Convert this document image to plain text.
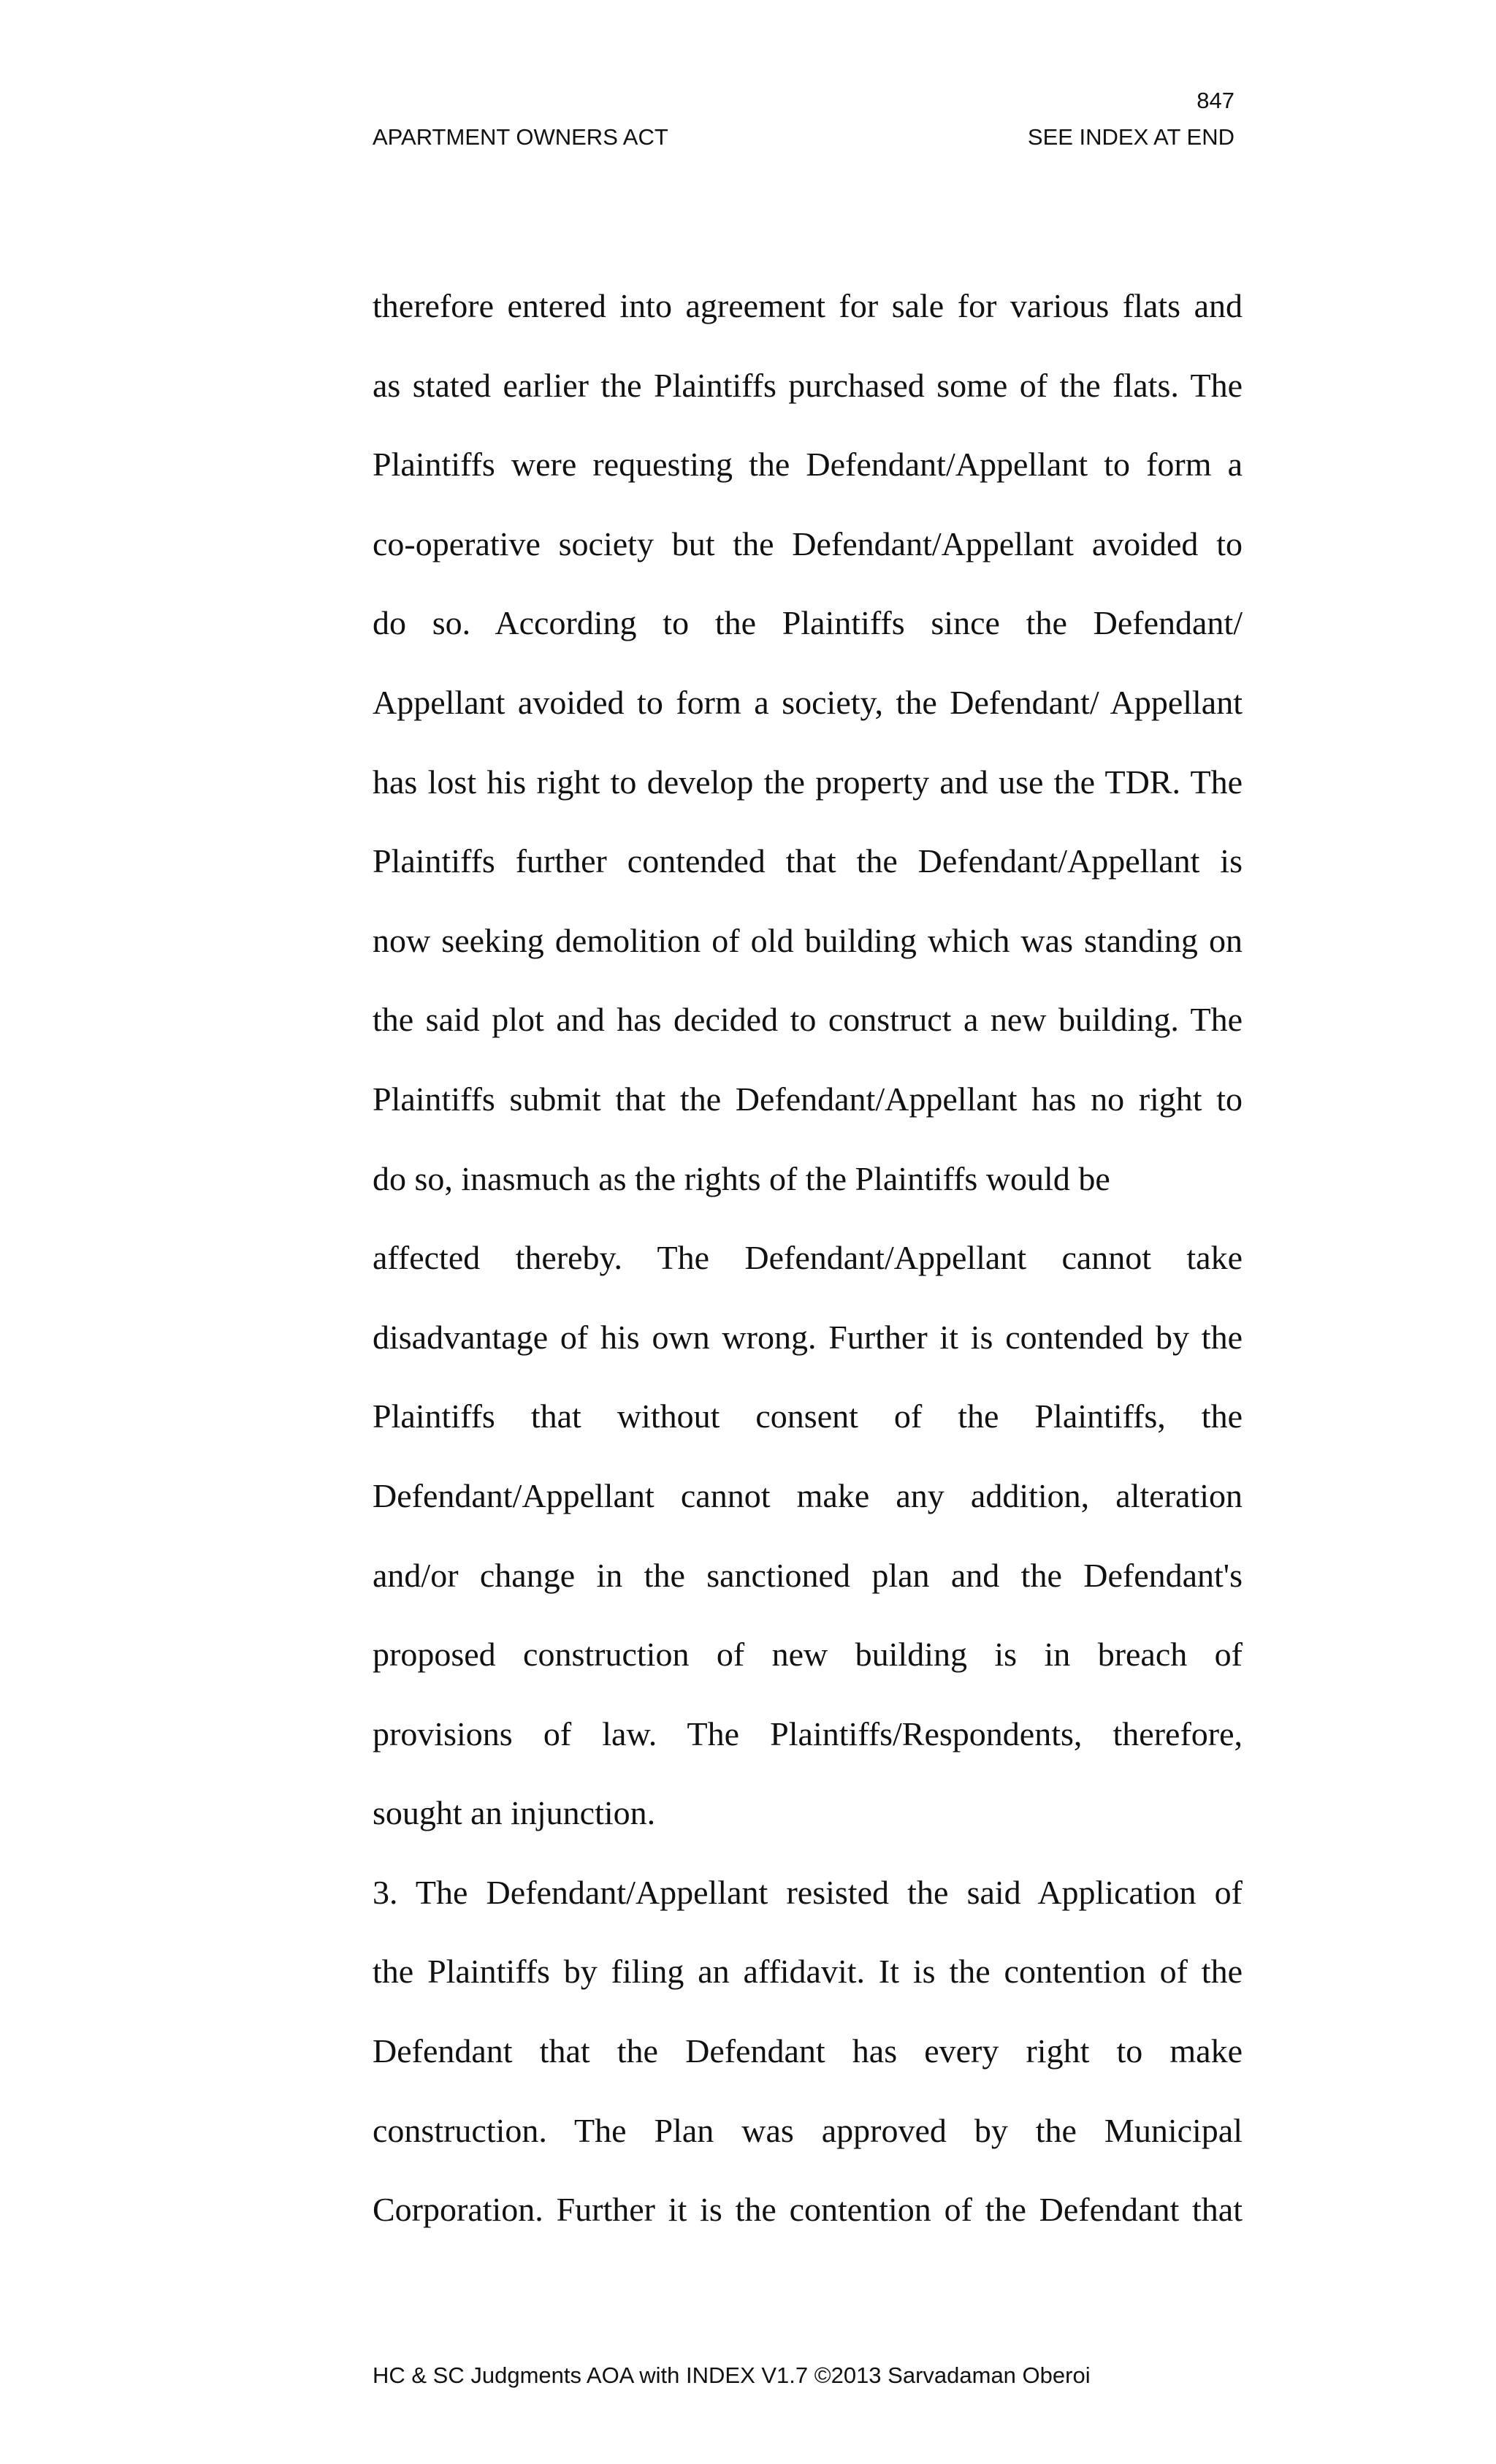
847
APARTMENT OWNERS ACT	SEE INDEX AT END
therefore entered into agreement for sale for various flats and
as stated earlier the Plaintiffs purchased some of the flats. The
Plaintiffs were requesting the Defendant/Appellant to form a
co-operative society but the Defendant/Appellant avoided to
do so. According to the Plaintiffs since the Defendant/
Appellant avoided to form a society, the Defendant/ Appellant
has lost his right to develop the property and use the TDR. The
Plaintiffs further contended that the Defendant/Appellant is
now seeking demolition of old building which was standing on
the said plot and has decided to construct a new building. The
Plaintiffs submit that the Defendant/Appellant has no right to
do so, inasmuch as the rights of the Plaintiffs would be
affected thereby. The Defendant/Appellant cannot take
disadvantage of his own wrong. Further it is contended by the
Plaintiffs that without consent of the Plaintiffs, the
Defendant/Appellant cannot make any addition, alteration
and/or change in the sanctioned plan and the Defendant's
proposed construction of new building is in breach of
provisions of law. The Plaintiffs/Respondents, therefore,
sought an injunction.
3. The Defendant/Appellant resisted the said Application of
the Plaintiffs by filing an affidavit. It is the contention of the
Defendant that the Defendant has every right to make
construction. The Plan was approved by the Municipal
Corporation. Further it is the contention of the Defendant that
HC & SC Judgments AOA with INDEX V1.7 ©2013 Sarvadaman Oberoi
